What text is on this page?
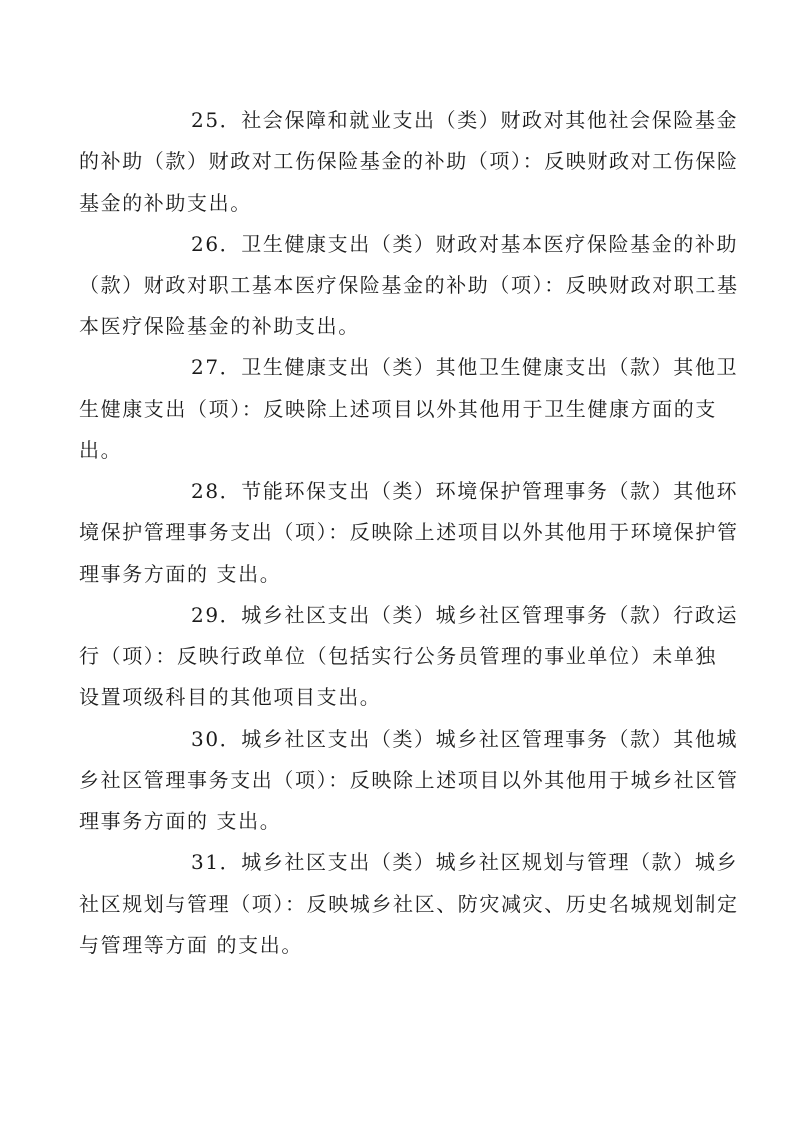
25．社会保障和就业支出（类）财政对其他社会保险基金

的补助（款）财政对工伤保险基金的补助（项）：反映财政对工伤保险

基金的补助支出。

26．卫生健康支出（类）财政对基本医疗保险基金的补助

（款）财政对职工基本医疗保险基金的补助（项）：反映财政对职工基

本医疗保险基金的补助支出。

27．卫生健康支出（类）其他卫生健康支出（款）其他卫

生健康支出（项）：反映除上述项目以外其他用于卫生健康方面的支

出。

28．节能环保支出（类）环境保护管理事务（款）其他环

境保护管理事务支出（项）：反映除上述项目以外其他用于环境保护管

理事务方面的 支出。

29．城乡社区支出（类）城乡社区管理事务（款）行政运

行（项）：反映行政单位（包括实行公务员管理的事业单位）未单独

设置项级科目的其他项目支出。

30．城乡社区支出（类）城乡社区管理事务（款）其他城

乡社区管理事务支出（项）：反映除上述项目以外其他用于城乡社区管

理事务方面的 支出。

31．城乡社区支出（类）城乡社区规划与管理（款）城乡

社区规划与管理（项）：反映城乡社区、防灾减灾、历史名城规划制定

与管理等方面 的支出。
